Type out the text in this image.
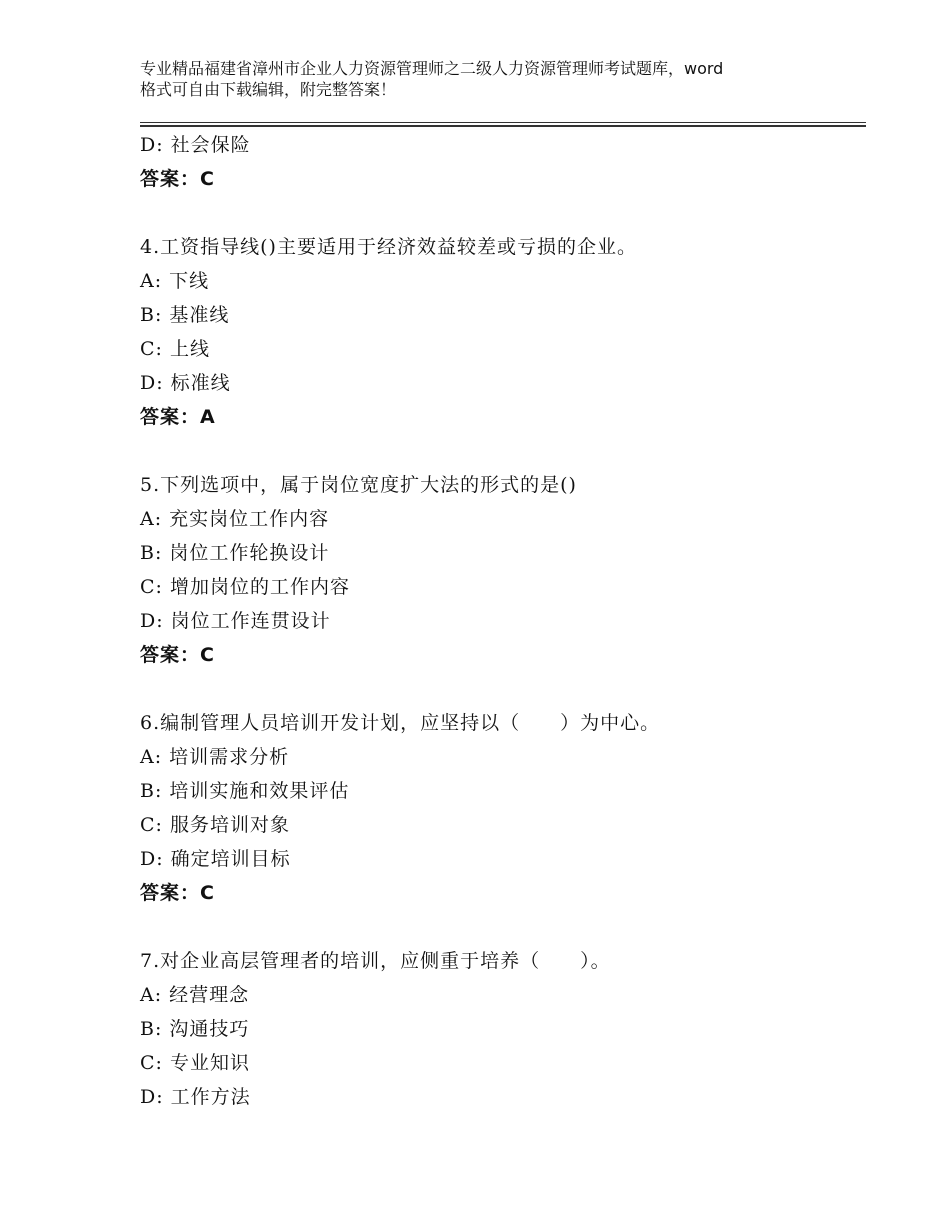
专业精品福建省漳州市企业人力资源管理师之二级人力资源管理师考试题库，word
格式可自由下载编辑，附完整答案！
D: 社会保险
答案：C
4.工资指导线()主要适用于经济效益较差或亏损的企业。
A: 下线
B: 基准线
C: 上线
D: 标准线
答案：A
5.下列选项中，属于岗位宽度扩大法的形式的是()
A: 充实岗位工作内容
B: 岗位工作轮换设计
C: 增加岗位的工作内容
D: 岗位工作连贯设计
答案：C
6.编制管理人员培训开发计划，应坚持以（　　）为中心。
A: 培训需求分析
B: 培训实施和效果评估
C: 服务培训对象
D: 确定培训目标
答案：C
7.对企业高层管理者的培训，应侧重于培养（　　）。
A: 经营理念
B: 沟通技巧
C: 专业知识
D: 工作方法
